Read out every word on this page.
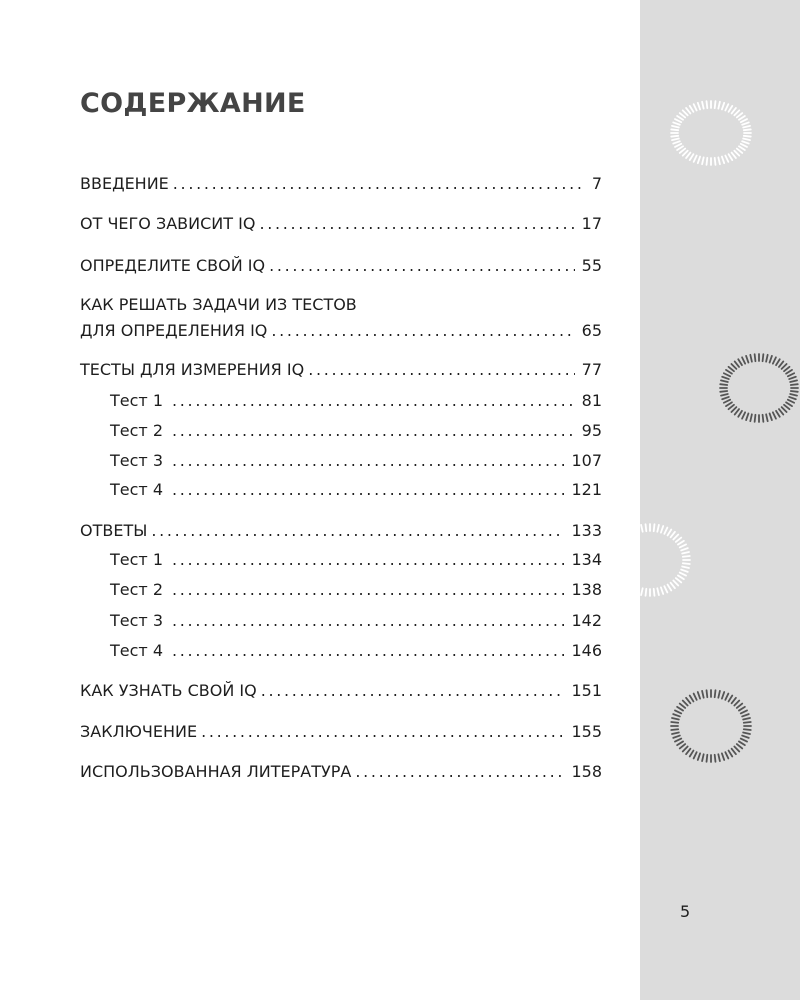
СОДЕРЖАНИЕ
ВВЕДЕНИЕ . . .	7
ОТ ЧЕГО ЗАВИСИТ IQ . . .	17
ОПРЕДЕЛИТЕ СВОЙ IQ . . .	55
КАК РЕШАТЬ ЗАДАЧИ ИЗ ТЕСТОВ
ДЛЯ ОПРЕДЕЛЕНИЯ IQ . . .	65
ТЕСТЫ ДЛЯ ИЗМЕРЕНИЯ IQ . . .	77
Тест 1 . . .	81
Тест 2 . . .	95
Тест 3 . . .	107
Тест 4 . . .	121
ОТВЕТЫ . . .	133
Тест 1 . . .	134
Тест 2 . . .	138
Тест 3 . . .	142
Тест 4 . . .	146
КАК УЗНАТЬ СВОЙ IQ . . .	151
ЗАКЛЮЧЕНИЕ . . .	155
ИСПОЛЬЗОВАННАЯ ЛИТЕРАТУРА . . .	158
5
